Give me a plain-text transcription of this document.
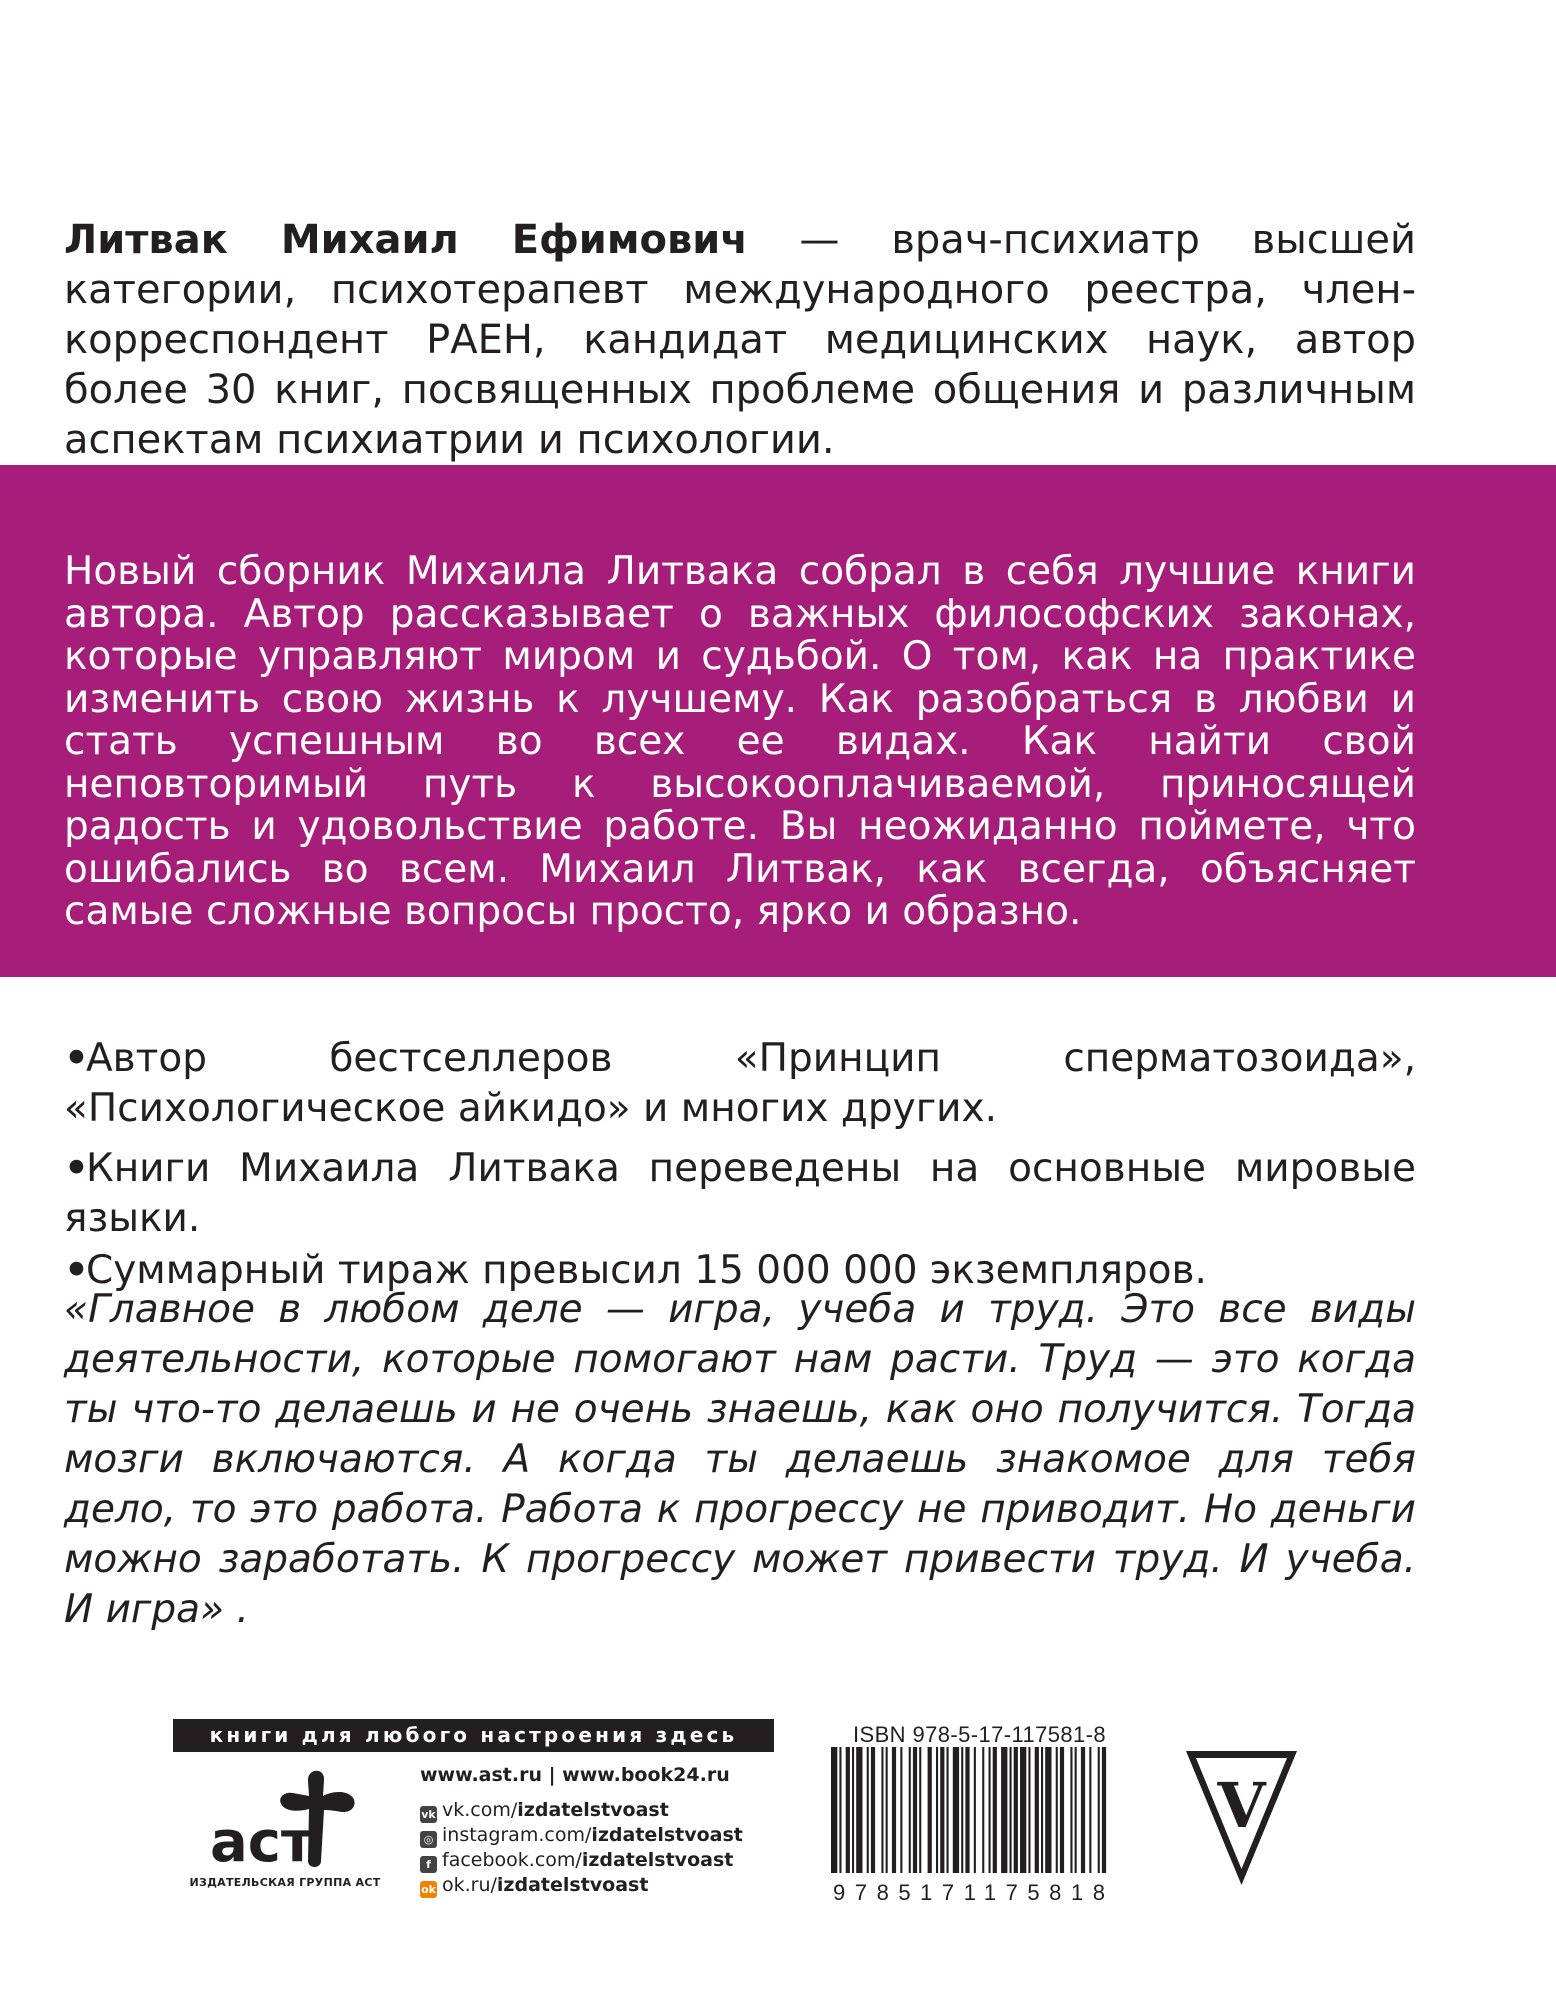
Литвак Михаил Ефимович — врач-психиатр высшей категории, психотерапевт международного реестра, член-корреспондент РАЕН, кандидат медицинских наук, автор более 30 книг, посвященных проблеме общения и различным аспектам психиатрии и психологии.
Новый сборник Михаила Литвака собрал в себя лучшие книги автора. Автор рассказывает о важных философских законах, которые управляют миром и судьбой. О том, как на практике изменить свою жизнь к лучшему. Как разобраться в любви и стать успешным во всех ее видах. Как найти свой неповторимый путь к высокооплачиваемой, приносящей радость и удовольствие работе. Вы неожиданно поймете, что ошибались во всем. Михаил Литвак, как всегда, объясняет самые сложные вопросы просто, ярко и образно.
•Автор бестселлеров «Принцип сперматозоида», «Психологическое айкидо» и многих других.
•Книги Михаила Литвака переведены на основные мировые языки.
•Суммарный тираж превысил 15 000 000 экземпляров.
«Главное в любом деле — игра, учеба и труд. Это все виды деятельности, которые помогают нам расти. Труд — это когда ты что-то делаешь и не очень знаешь, как оно получится. Тогда мозги включаются. А когда ты делаешь знакомое для тебя дело, то это работа. Работа к прогрессу не приводит. Но деньги можно заработать. К прогрессу может привести труд. И учеба. И игра» .
книги для любого настроения здесь
аст
ИЗДАТЕЛЬСКАЯ ГРУППА АСТ
www.ast.ru | www.book24.ru
vk vk.com/izdatelstvoast
◎ instagram.com/izdatelstvoast
f facebook.com/izdatelstvoast
ok ok.ru/izdatelstvoast
ISBN 978-5-17-117581-8
9785171175818
V
